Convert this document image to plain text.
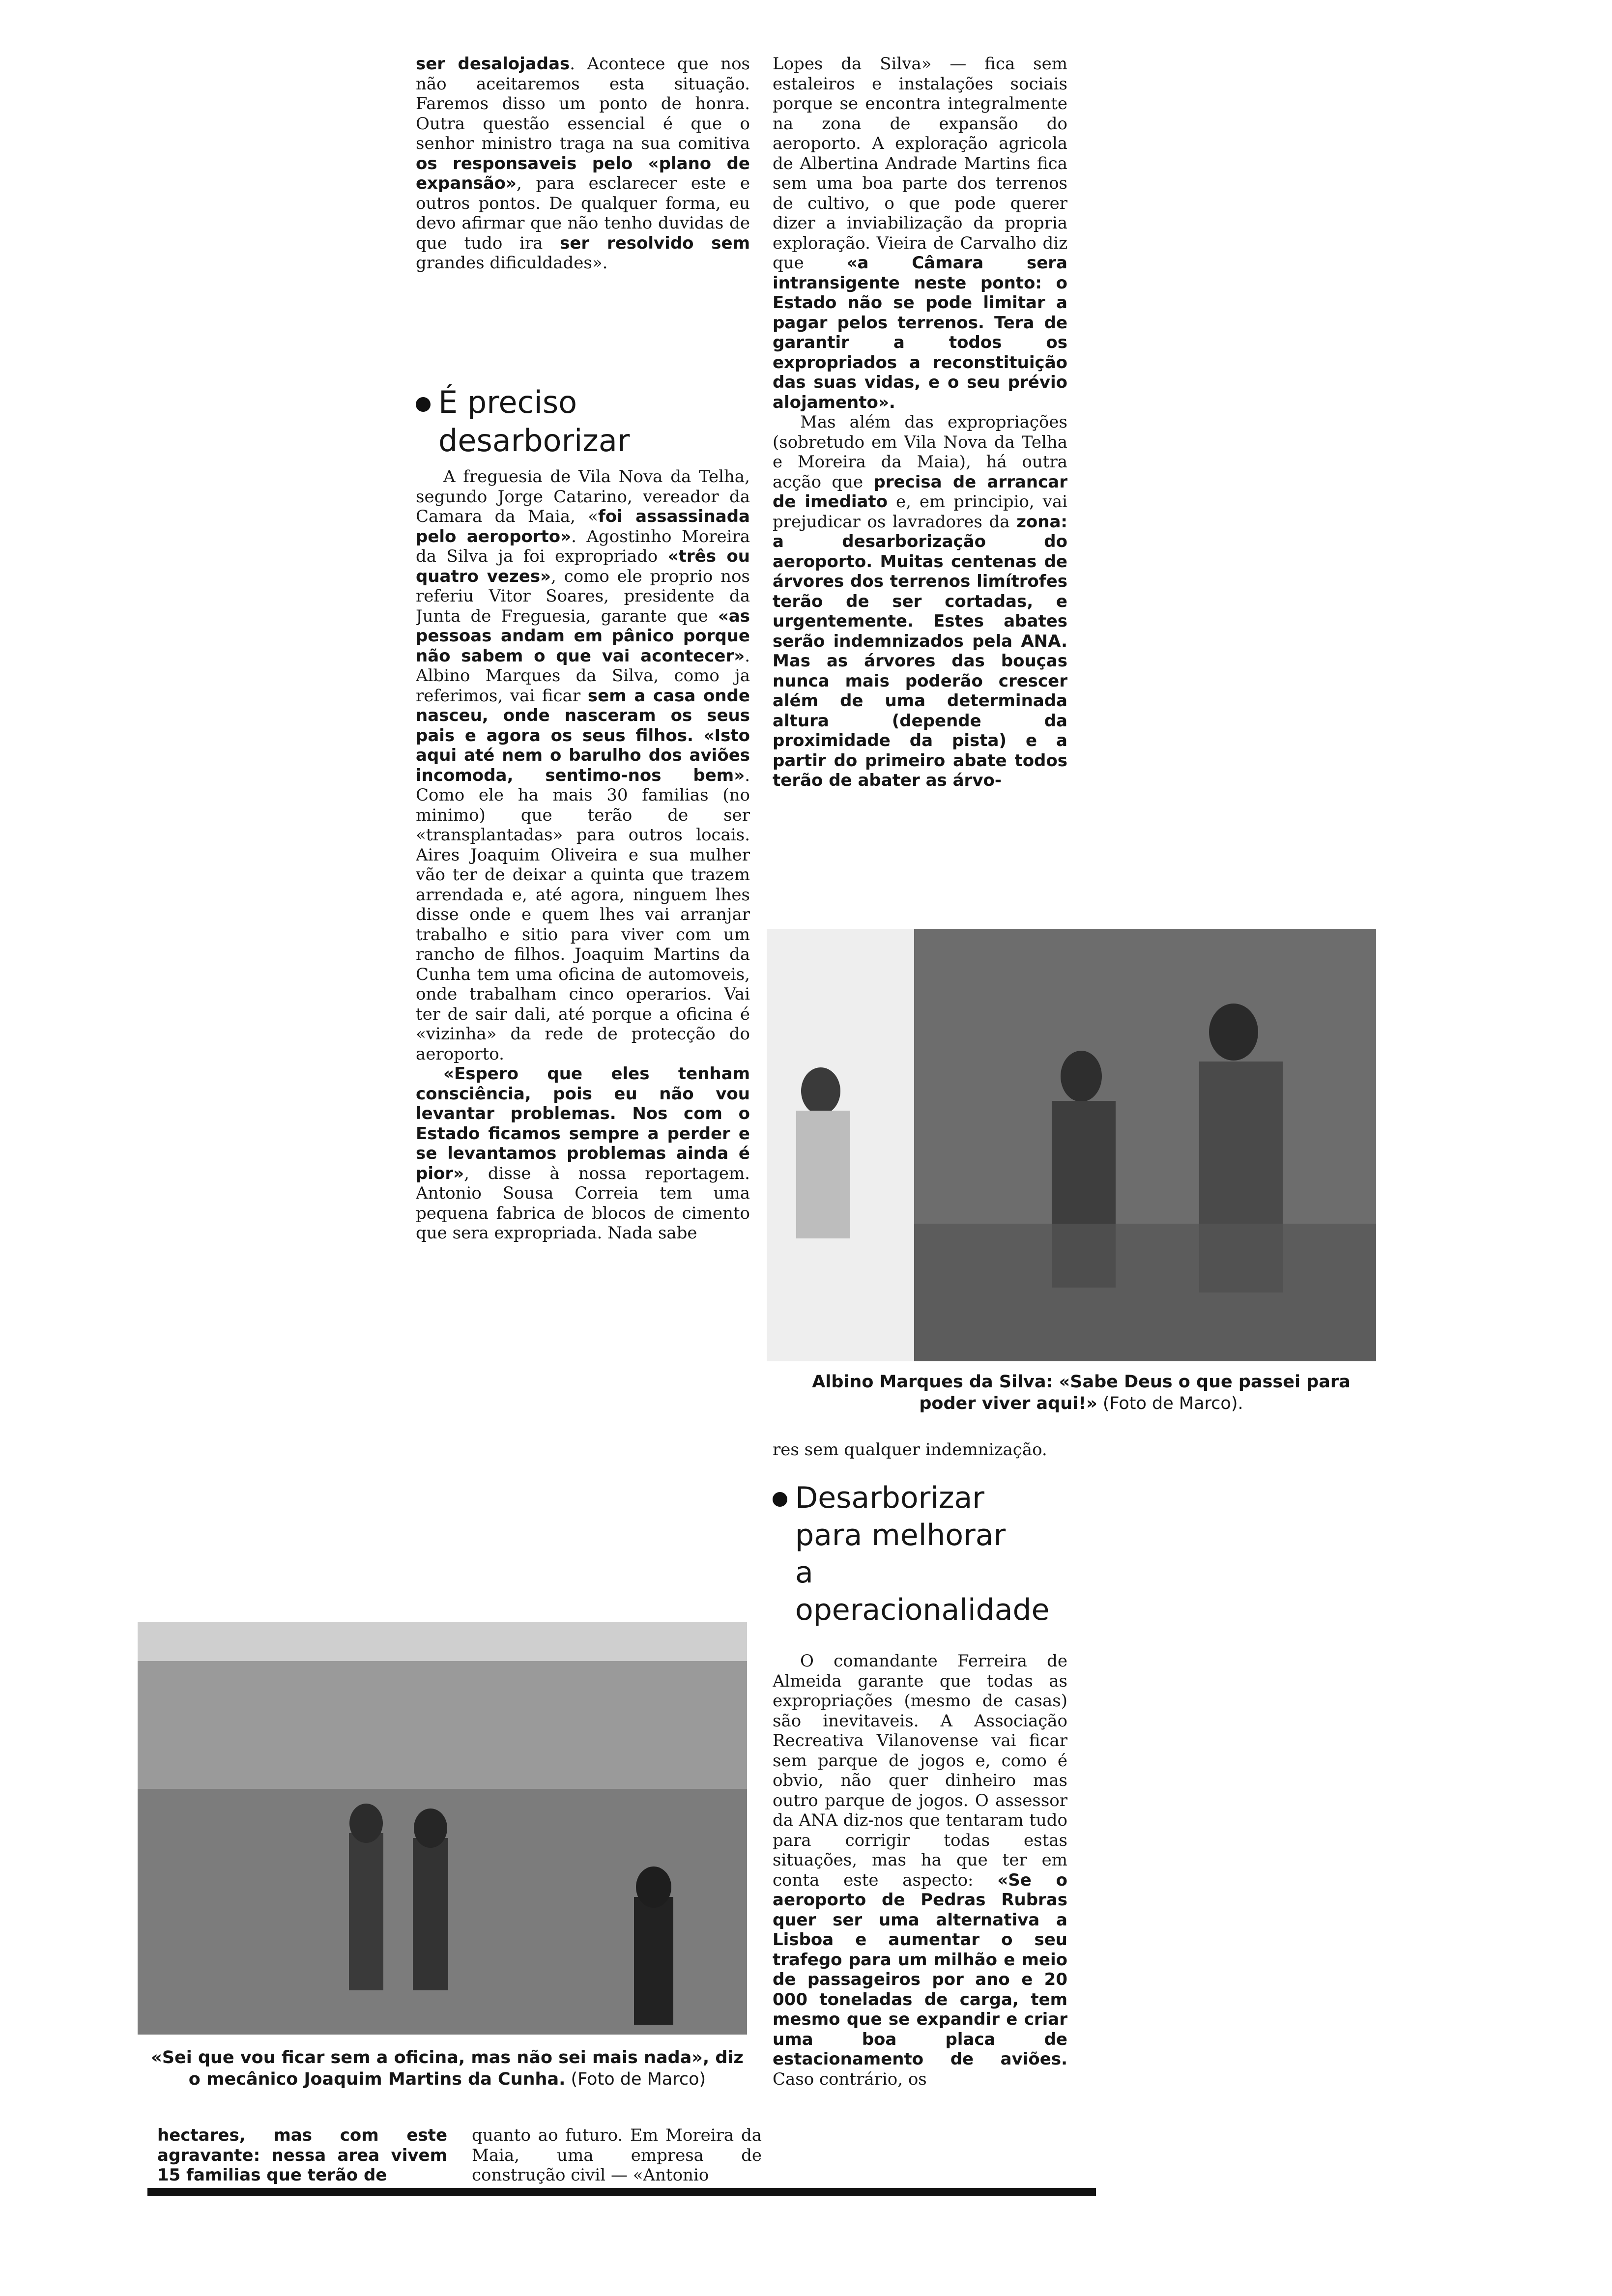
ser desalojadas. Acontece que nos não aceitaremos esta situação. Faremos disso um ponto de honra. Outra questão essencial é que o senhor ministro traga na sua comitiva os responsaveis pelo «plano de expansão», para esclarecer este e outros pontos. De qualquer forma, eu devo afirmar que não tenho duvidas de que tudo ira ser resolvido sem grandes dificuldades».

É preciso
desarborizar

A freguesia de Vila Nova da Telha, segundo Jorge Catarino, vereador da Camara da Maia, «foi assassinada pelo aeroporto». Agostinho Moreira da Silva ja foi expropriado «três ou quatro vezes», como ele proprio nos referiu Vitor Soares, presidente da Junta de Freguesia, garante que «as pessoas andam em pânico porque não sabem o que vai acontecer». Albino Marques da Silva, como ja referimos, vai ficar sem a casa onde nasceu, onde nasceram os seus pais e agora os seus filhos. «Isto aqui até nem o barulho dos aviões incomoda, sentimo-nos bem». Como ele ha mais 30 familias (no minimo) que terão de ser «transplantadas» para outros locais. Aires Joaquim Oliveira e sua mulher vão ter de deixar a quinta que trazem arrendada e, até agora, ninguem lhes disse onde e quem lhes vai arranjar trabalho e sitio para viver com um rancho de filhos. Joaquim Martins da Cunha tem uma oficina de automoveis, onde trabalham cinco operarios. Vai ter de sair dali, até porque a oficina é «vizinha» da rede de protecção do aeroporto.

«Espero que eles tenham consciência, pois eu não vou levantar problemas. Nos com o Estado ficamos sempre a perder e se levantamos problemas ainda é pior», disse à nossa reportagem. Antonio Sousa Correia tem uma pequena fabrica de blocos de cimento que sera expropriada. Nada sabe

Lopes da Silva» — fica sem estaleiros e instalações sociais porque se encontra integralmente na zona de expansão do aeroporto. A exploração agricola de Albertina Andrade Martins fica sem uma boa parte dos terrenos de cultivo, o que pode querer dizer a inviabilização da propria exploração. Vieira de Carvalho diz que «a Câmara sera intransigente neste ponto: o Estado não se pode limitar a pagar pelos terrenos. Tera de garantir a todos os expropriados a reconstituição das suas vidas, e o seu prévio alojamento».

Mas além das expropriações (sobretudo em Vila Nova da Telha e Moreira da Maia), há outra acção que precisa de arrancar de imediato e, em principio, vai prejudicar os lavradores da zona: a desarborização do aeroporto. Muitas centenas de árvores dos terrenos limítrofes terão de ser cortadas, e urgentemente. Estes abates serão indemnizados pela ANA. Mas as árvores das bouças nunca mais poderão crescer além de uma determinada altura (depende da proximidade da pista) e a partir do primeiro abate todos terão de abater as árvo-

Albino Marques da Silva: «Sabe Deus o que passei para poder viver aqui!» (Foto de Marco).

res sem qualquer indemnização.

Desarborizar
para melhorar
a
operacionalidade

O comandante Ferreira de Almeida garante que todas as expropriações (mesmo de casas) são inevitaveis. A Associação Recreativa Vilanovense vai ficar sem parque de jogos e, como é obvio, não quer dinheiro mas outro parque de jogos. O assessor da ANA diz-nos que tentaram tudo para corrigir todas estas situações, mas ha que ter em conta este aspecto: «Se o aeroporto de Pedras Rubras quer ser uma alternativa a Lisboa e aumentar o seu trafego para um milhão e meio de passageiros por ano e 20 000 toneladas de carga, tem mesmo que se expandir e criar uma boa placa de estacionamento de aviões. Caso contrário, os

«Sei que vou ficar sem a oficina, mas não sei mais nada», diz o mecânico Joaquim Martins da Cunha. (Foto de Marco)

hectares, mas com este agravante: nessa area vivem 15 familias que terão de

quanto ao futuro. Em Moreira da Maia, uma empresa de construção civil — «Antonio
